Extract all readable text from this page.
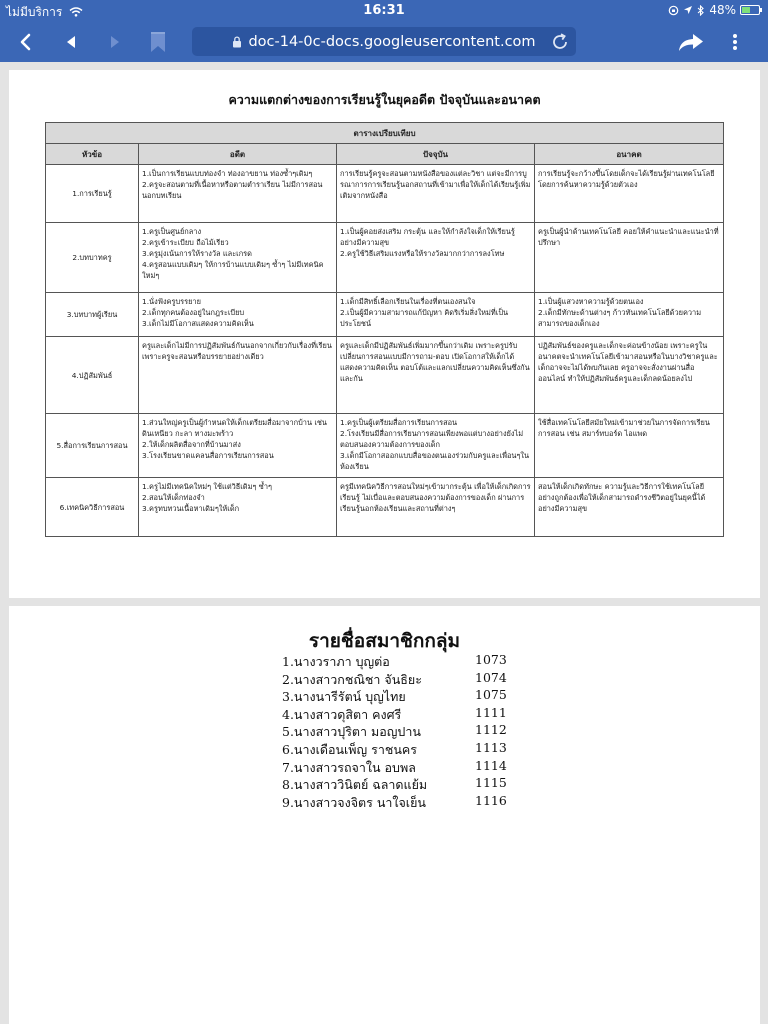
ไม่มีบริการ	16:31	48%
doc-14-0c-docs.googleusercontent.com
ความแตกต่างของการเรียนรู้ในยุคอดีต ปัจจุบันและอนาคต
ตารางเปรียบเทียบ			
หัวข้อ	อดีต	ปัจจุบัน	อนาคต
1.การเรียนรู้	1.เป็นการเรียนแบบท่องจำ ท่องอาขยาน ท่องซ้ำๆเดิมๆ
2.ครูจะสอนตามที่เนื้อหาหรือตามตำราเรียน ไม่มีการสอนนอกบทเรียน	การเรียนรู้ครูจะสอนตามหนังสือของแต่ละวิชา แต่จะมีการบูรณาการการเรียนรู้นอกสถานที่เข้ามาเพื่อให้เด็กได้เรียนรู้เพิ่มเติมจากหนังสือ	การเรียนรู้จะกว้างขึ้นโดยเด็กจะได้เรียนรู้ผ่านเทคโนโลยีโดยการค้นหาความรู้ด้วยตัวเอง
2.บทบาทครู	1.ครูเป็นศูนย์กลาง
2.ครูเข้าระเบียบ ถือไม้เรียว
3.ครูมุ่งเน้นการให้รางวัล และเกรด
4.ครูสอนแบบเดิมๆ ให้การบ้านแบบเดิมๆ ซ้ำๆ ไม่มีเทคนิคใหม่ๆ	1.เป็นผู้คอยส่งเสริม กระตุ้น และให้กำลังใจเด็กให้เรียนรู้อย่างมีความสุข
2.ครูใช้วิธีเสริมแรงหรือให้รางวัลมากกว่าการลงโทษ	ครูเป็นผู้นำด้านเทคโนโลยี คอยให้คำแนะนำและแนะนำที่ปรึกษา
3.บทบาทผู้เรียน	1.นั่งฟังครูบรรยาย
2.เด็กทุกคนต้องอยู่ในกฎระเบียบ
3.เด็กไม่มีโอกาสแสดงความคิดเห็น	1.เด็กมีสิทธิ์เลือกเรียนในเรื่องที่ตนเองสนใจ
2.เป็นผู้มีความสามารถแก้ปัญหา คิดริเริ่มสิ่งใหม่ที่เป็นประโยชน์	1.เป็นผู้แสวงหาความรู้ด้วยตนเอง
2.เด็กมีทักษะด้านต่างๆ ก้าวทันเทคโนโลยีด้วยความสามารถของเด็กเอง
4.ปฏิสัมพันธ์	ครูและเด็กไม่มีการปฏิสัมพันธ์กันนอกจากเกี่ยวกับเรื่องที่เรียนเพราะครูจะสอนหรือบรรยายอย่างเดียว	ครูและเด็กมีปฏิสัมพันธ์เพิ่มมากขึ้นกว่าเดิม เพราะครูปรับเปลี่ยนการสอนแบบมีการถาม-ตอบ เปิดโอกาสให้เด็กได้แสดงความคิดเห็น ตอบโต้และแลกเปลี่ยนความคิดเห็นซึ่งกันและกัน	ปฏิสัมพันธ์ของครูและเด็กจะค่อนข้างน้อย เพราะครูในอนาคตจะนำเทคโนโลยีเข้ามาสอนหรือในบางวิชาครูและเด็กอาจจะไม่ได้พบกันเลย ครูอาจจะสั่งงานผ่านสื่อออนไลน์ ทำให้ปฏิสัมพันธ์ครูและเด็กลดน้อยลงไป
5.สื่อการเรียนการสอน	1.ส่วนใหญ่ครูเป็นผู้กำหนดให้เด็กเตรียมสื่อมาจากบ้าน เช่น ดินเหนียว กะลา ทางมะพร้าว
2.ให้เด็กผลิตสื่อจากที่บ้านมาส่ง
3.โรงเรียนขาดแคลนสื่อการเรียนการสอน	1.ครูเป็นผู้เตรียมสื่อการเรียนการสอน
2.โรงเรียนมีสื่อการเรียนการสอนเพียงพอแต่บางอย่างยังไม่ตอบสนองความต้องการของเด็ก
3.เด็กมีโอกาสออกแบบสื่อของตนเองร่วมกับครูและเพื่อนๆในห้องเรียน	ใช้สื่อเทคโนโลยีสมัยใหม่เข้ามาช่วยในการจัดการเรียนการสอน เช่น สมาร์ทบอร์ด ไอแพด
6.เทคนิควิธีการสอน	1.ครูไม่มีเทคนิคใหม่ๆ ใช้แต่วิธีเดิมๆ ซ้ำๆ
2.สอนให้เด็กท่องจำ
3.ครูทบทวนเนื้อหาเดิมๆให้เด็ก	ครูมีเทคนิควิธีการสอนใหม่ๆเข้ามากระตุ้น เพื่อให้เด็กเกิดการเรียนรู้ ไม่เบื่อและตอบสนองความต้องการของเด็ก ผ่านการเรียนรู้นอกห้องเรียนและสถานที่ต่างๆ	สอนให้เด็กเกิดทักษะ ความรู้และวิธีการใช้เทคโนโลยีอย่างถูกต้องเพื่อให้เด็กสามารถดำรงชีวิตอยู่ในยุคนี้ได้อย่างมีความสุข
รายชื่อสมาชิกกลุ่ม
1.นางวราภา บุญต่อ	1073
2.นางสาวกชณิชา จันธิยะ	1074
3.นางนารีรัตน์ บุญไทย	1075
4.นางสาวดุสิตา คงศรี	1111
5.นางสาวปุริตา มอญปาน	1112
6.นางเดือนเพ็ญ ราชนคร	1113
7.นางสาวรถจาใน อบพล	1114
8.นางสาววินิตย์ ฉลาดแย้ม	1115
9.นางสาวจงจิตร นาใจเย็น	1116
